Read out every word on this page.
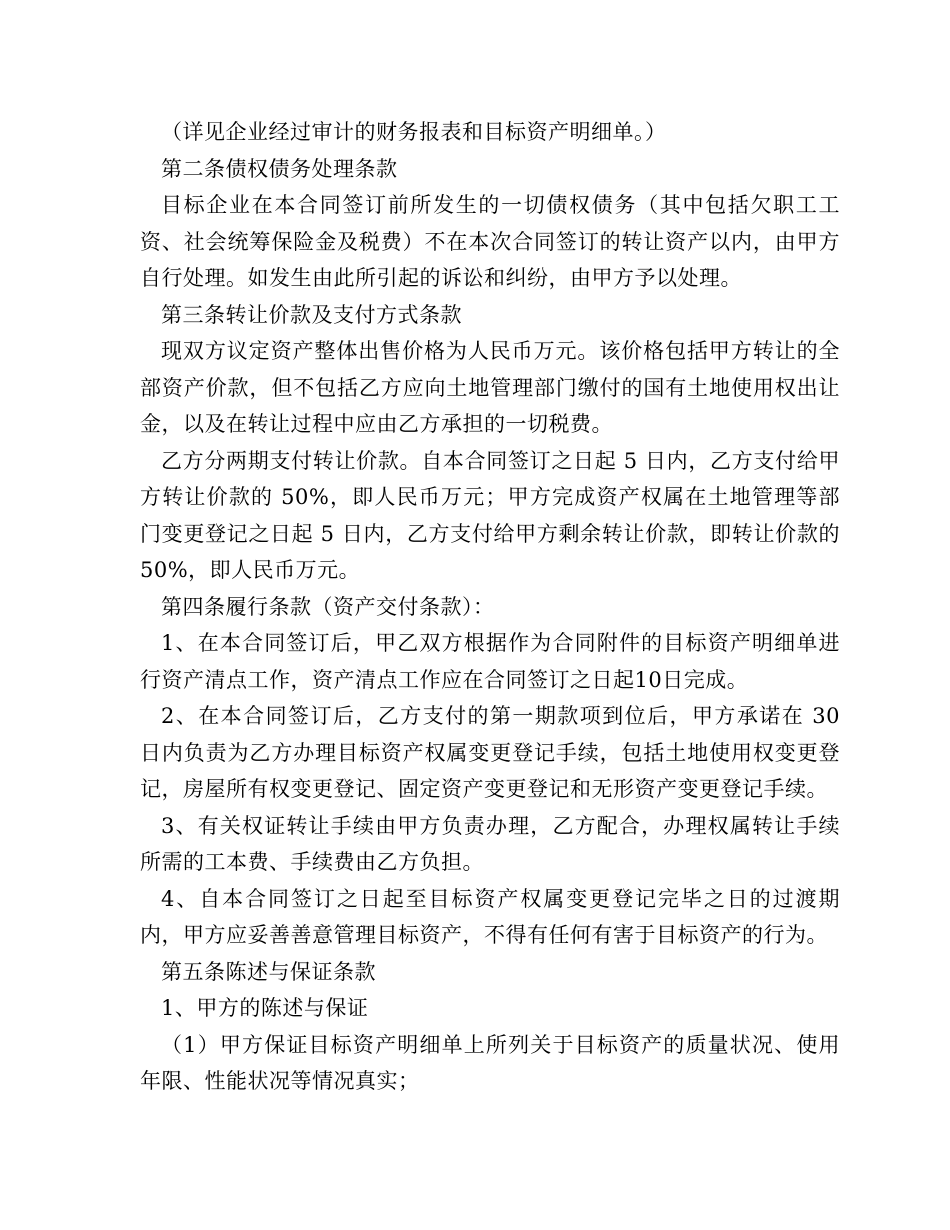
（详见企业经过审计的财务报表和目标资产明细单。）

第二条债权债务处理条款

目标企业在本合同签订前所发生的一切债权债务（其中包括欠职工工资、社会统筹保险金及税费）不在本次合同签订的转让资产以内，由甲方自行处理。如发生由此所引起的诉讼和纠纷，由甲方予以处理。

第三条转让价款及支付方式条款

现双方议定资产整体出售价格为人民币万元。该价格包括甲方转让的全部资产价款，但不包括乙方应向土地管理部门缴付的国有土地使用权出让金，以及在转让过程中应由乙方承担的一切税费。

乙方分两期支付转让价款。自本合同签订之日起 5 日内，乙方支付给甲方转让价款的 50%，即人民币万元；甲方完成资产权属在土地管理等部门变更登记之日起 5 日内，乙方支付给甲方剩余转让价款，即转让价款的 50%，即人民币万元。

第四条履行条款（资产交付条款）：

1、在本合同签订后，甲乙双方根据作为合同附件的目标资产明细单进行资产清点工作，资产清点工作应在合同签订之日起10日完成。

2、在本合同签订后，乙方支付的第一期款项到位后，甲方承诺在 30 日内负责为乙方办理目标资产权属变更登记手续，包括土地使用权变更登记，房屋所有权变更登记、固定资产变更登记和无形资产变更登记手续。

3、有关权证转让手续由甲方负责办理，乙方配合，办理权属转让手续所需的工本费、手续费由乙方负担。

4、自本合同签订之日起至目标资产权属变更登记完毕之日的过渡期内，甲方应妥善善意管理目标资产，不得有任何有害于目标资产的行为。

第五条陈述与保证条款

1、甲方的陈述与保证

（1）甲方保证目标资产明细单上所列关于目标资产的质量状况、使用年限、性能状况等情况真实；
